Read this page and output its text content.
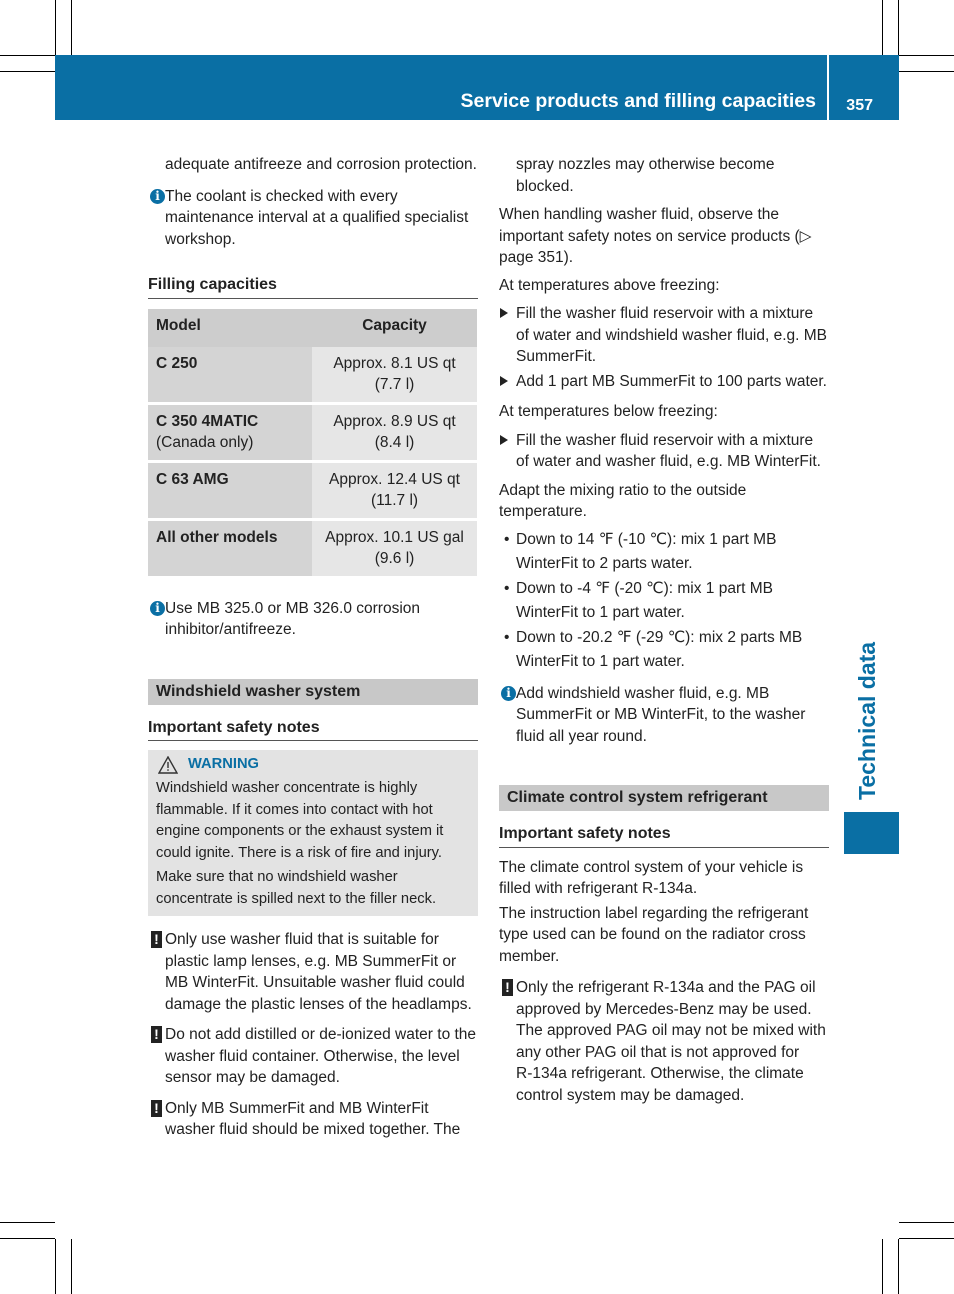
Service products and filling capacities 357
Technical data

adequate antifreeze and corrosion protection.

i The coolant is checked with every maintenance interval at a qualified specialist workshop.

Filling capacities
Model	Capacity
C 250	Approx. 8.1 US qt
(7.7 l)
C 350 4MATIC
(Canada only)	Approx. 8.9 US qt
(8.4 l)
C 63 AMG	Approx. 12.4 US qt
(11.7 l)
All other models	Approx. 10.1 US gal
(9.6 l)
i Use MB 325.0 or MB 326.0 corrosion inhibitor/antifreeze.

Windshield washer system
Important safety notes
WARNING

Windshield washer concentrate is highly flammable. If it comes into contact with hot engine components or the exhaust system it could ignite. There is a risk of fire and injury.

Make sure that no windshield washer concentrate is spilled next to the filler neck.

! Only use washer fluid that is suitable for plastic lamp lenses, e.g. MB SummerFit or MB WinterFit. Unsuitable washer fluid could damage the plastic lenses of the headlamps.

! Do not add distilled or de-ionized water to the washer fluid container. Otherwise, the level sensor may be damaged.

! Only MB SummerFit and MB WinterFit washer fluid should be mixed together. The

spray nozzles may otherwise become blocked.

When handling washer fluid, observe the important safety notes on service products (▷ page 351).

At temperatures above freezing:

Fill the washer fluid reservoir with a mixture of water and windshield washer fluid, e.g. MB SummerFit.

Add 1 part MB SummerFit to 100 parts water.

At temperatures below freezing:

Fill the washer fluid reservoir with a mixture of water and washer fluid, e.g. MB WinterFit.

Adapt the mixing ratio to the outside temperature.

• Down to 14 ℉ (‑10 ℃): mix 1 part MB WinterFit to 2 parts water.
• Down to ‑4 ℉ (‑20 ℃): mix 1 part MB WinterFit to 1 part water.
• Down to ‑20.2 ℉ (‑29 ℃): mix 2 parts MB WinterFit to 1 part water.
i Add windshield washer fluid, e.g. MB SummerFit or MB WinterFit, to the washer fluid all year round.

Climate control system refrigerant
Important safety notes

The climate control system of your vehicle is filled with refrigerant R‑134a.

The instruction label regarding the refrigerant type used can be found on the radiator cross member.

! Only the refrigerant R‑134a and the PAG oil approved by Mercedes‑Benz may be used. The approved PAG oil may not be mixed with any other PAG oil that is not approved for R‑134a refrigerant. Otherwise, the climate control system may be damaged.
